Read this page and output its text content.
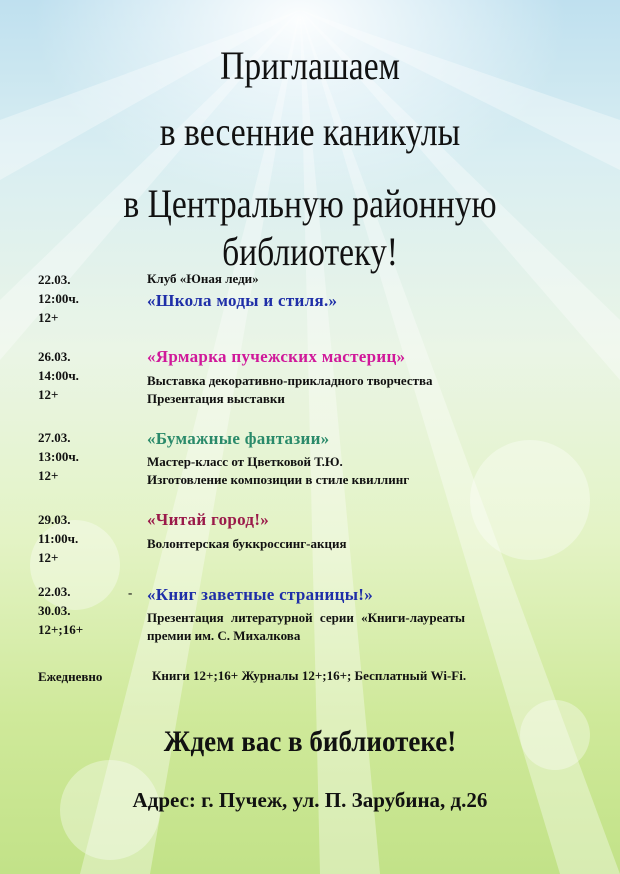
Приглашаем
в весенние каникулы
в Центральную районную библиотеку!
22.03.
12:00ч.
12+
Клуб «Юная леди»
«Школа моды и стиля.»
26.03.
14:00ч.
12+
«Ярмарка пучежских мастериц»
Выставка декоративно-прикладного творчества
Презентация выставки
27.03.
13:00ч.
12+
«Бумажные фантазии»
Мастер-класс от Цветковой Т.Ю.
Изготовление композиции в стиле квиллинг
29.03.
11:00ч.
12+
«Читай город!»
Волонтерская буккроссинг-акция
22.03.
30.03.
12+;16+
- «Книг заветные страницы!»
Презентация литературной серии «Книги-лауреаты
премии им. С. Михалкова
Ежедневно	Книги 12+;16+ Журналы 12+;16+; Бесплатный Wi-Fi.
Ждем вас в библиотеке!
Адрес: г. Пучеж, ул. П. Зарубина, д.26
